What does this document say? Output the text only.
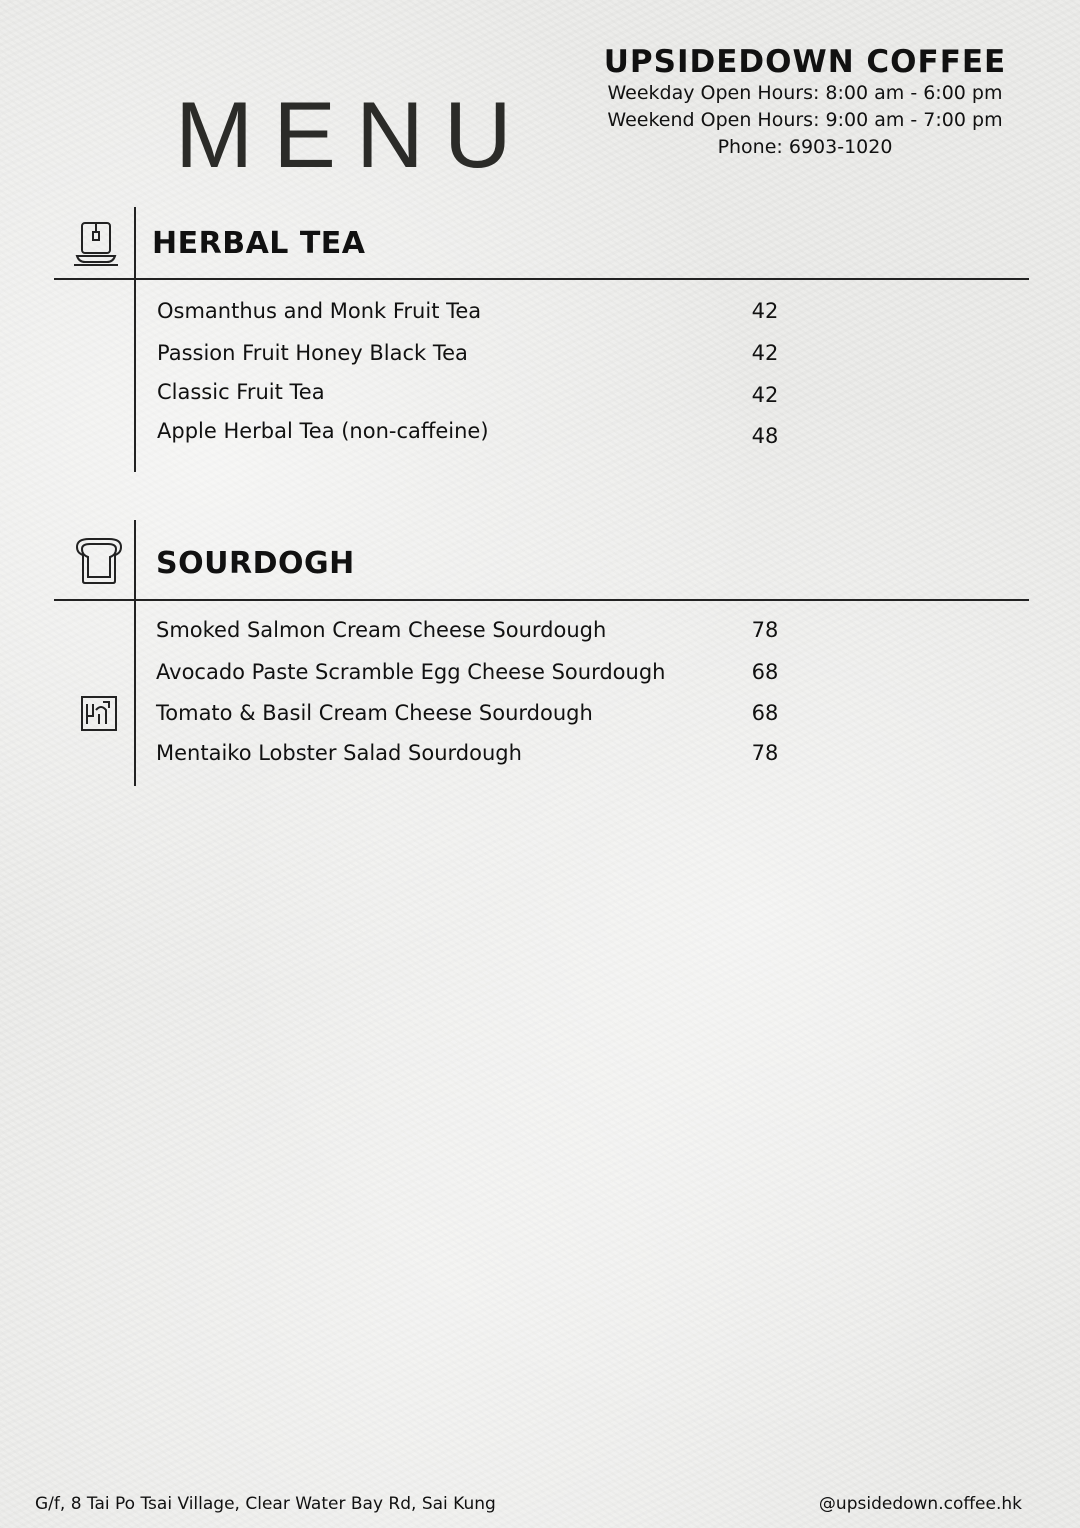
MENU
UPSIDEDOWN COFFEE
Weekday Open Hours: 8:00 am - 6:00 pm
Weekend Open Hours: 9:00 am - 7:00 pm
Phone: 6903-1020
HERBAL TEA
Osmanthus and Monk Fruit Tea	42
Passion Fruit Honey Black Tea	42
Classic Fruit Tea	42
Apple Herbal Tea (non-caffeine)	48
SOURDOGH
Smoked Salmon Cream Cheese Sourdough	78
Avocado Paste Scramble Egg Cheese Sourdough	68
Tomato & Basil Cream Cheese Sourdough	68
Mentaiko Lobster Salad Sourdough	78
G/f, 8 Tai Po Tsai Village, Clear Water Bay Rd, Sai Kung	@upsidedown.coffee.hk
